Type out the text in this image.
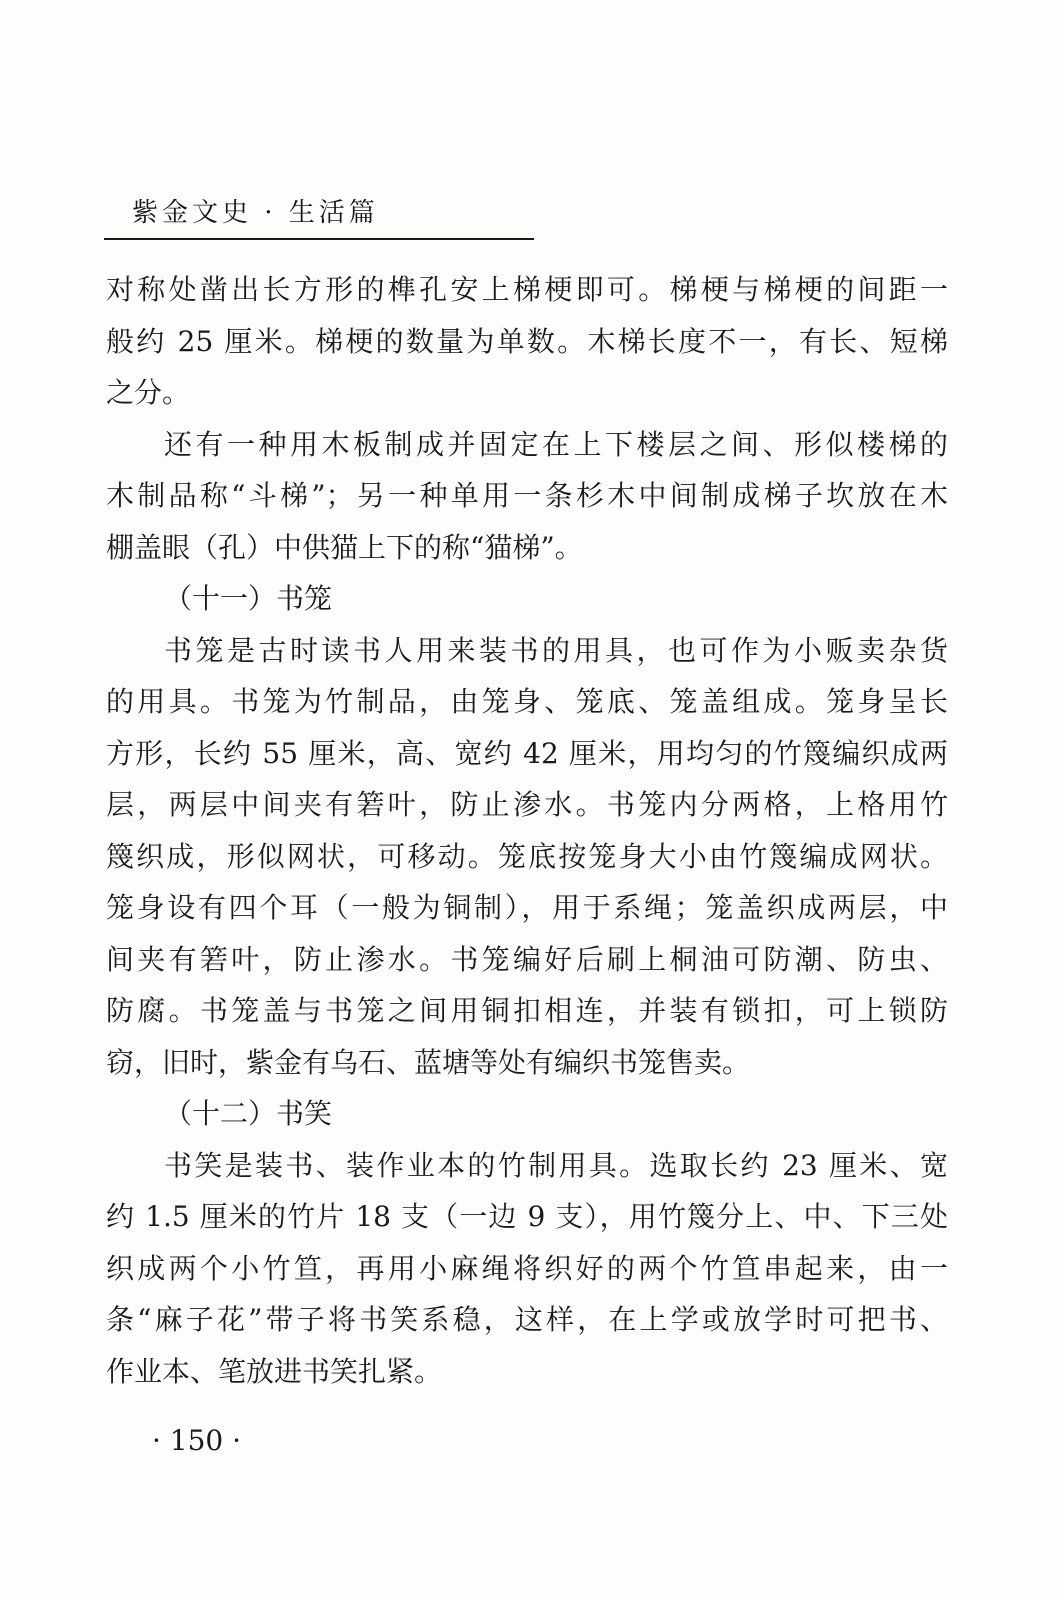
紫金文史 · 生活篇
对称处凿出长方形的榫孔安上梯梗即可。梯梗与梯梗的间距一
般约 25 厘米。梯梗的数量为单数。木梯长度不一，有长、短梯
之分。
还有一种用木板制成并固定在上下楼层之间、形似楼梯的
木制品称“斗梯”；另一种单用一条杉木中间制成梯子坎放在木
棚盖眼（孔）中供猫上下的称“猫梯”。
（十一）书笼
书笼是古时读书人用来装书的用具，也可作为小贩卖杂货
的用具。书笼为竹制品，由笼身、笼底、笼盖组成。笼身呈长
方形，长约 55 厘米，高、宽约 42 厘米，用均匀的竹篾编织成两
层，两层中间夹有箬叶，防止渗水。书笼内分两格，上格用竹
篾织成，形似网状，可移动。笼底按笼身大小由竹篾编成网状。
笼身设有四个耳（一般为铜制），用于系绳；笼盖织成两层，中
间夹有箬叶，防止渗水。书笼编好后刷上桐油可防潮、防虫、
防腐。书笼盖与书笼之间用铜扣相连，并装有锁扣，可上锁防
窃，旧时，紫金有乌石、蓝塘等处有编织书笼售卖。
（十二）书笑
书笑是装书、装作业本的竹制用具。选取长约 23 厘米、宽
约 1.5 厘米的竹片 18 支（一边 9 支），用竹篾分上、中、下三处
织成两个小竹笪，再用小麻绳将织好的两个竹笪串起来，由一
条“麻子花”带子将书笑系稳，这样，在上学或放学时可把书、
作业本、笔放进书笑扎紧。
· 150 ·
